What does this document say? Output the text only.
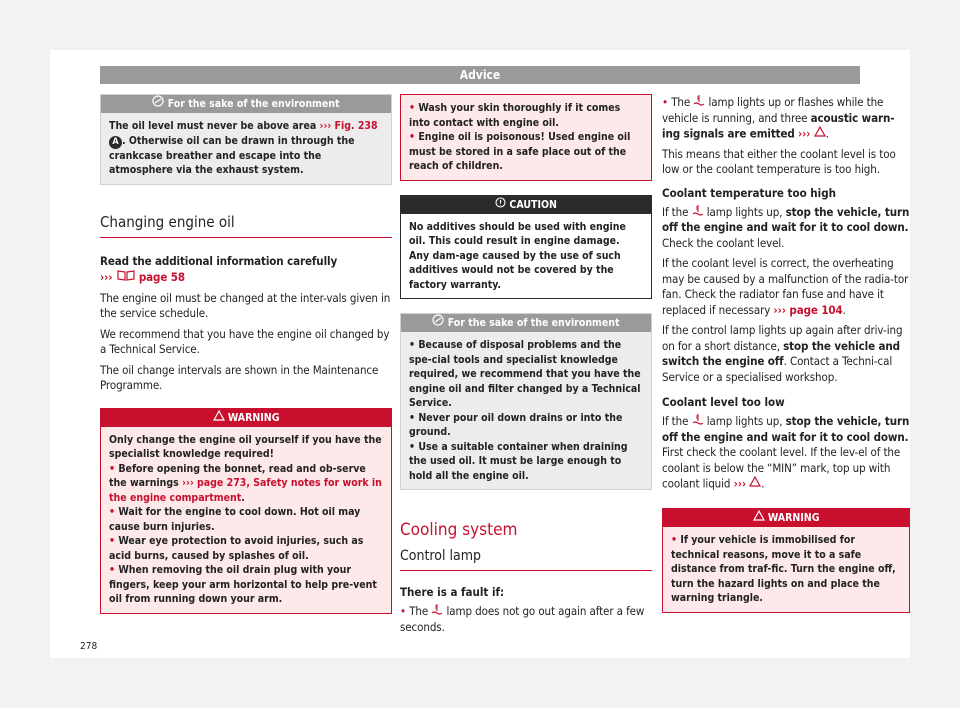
Advice
For the sake of the environment
The oil level must never be above area ››› Fig. 238 A . Otherwise oil can be drawn in through the crankcase breather and escape into the atmosphere via the exhaust system.
Changing engine oil

Read the additional information carefully
››› page 58

The engine oil must be changed at the inter-vals given in the service schedule.

We recommend that you have the engine oil changed by a Technical Service.

The oil change intervals are shown in the Maintenance Programme.

WARNING
Only change the engine oil yourself if you have the specialist knowledge required!
• Before opening the bonnet, read and ob-serve the warnings ››› page 273, Safety notes for work in the engine compartment.
• Wait for the engine to cool down. Hot oil may cause burn injuries.
• Wear eye protection to avoid injuries, such as acid burns, caused by splashes of oil.
• When removing the oil drain plug with your fingers, keep your arm horizontal to help pre-vent oil from running down your arm.
• Wash your skin thoroughly if it comes into contact with engine oil.
• Engine oil is poisonous! Used engine oil must be stored in a safe place out of the reach of children.
CAUTION
No additives should be used with engine oil. This could result in engine damage. Any dam-age caused by the use of such additives would not be covered by the factory warranty.
For the sake of the environment
• Because of disposal problems and the spe-cial tools and specialist knowledge required, we recommend that you have the engine oil and filter changed by a Technical Service.
• Never pour oil down drains or into the ground.
• Use a suitable container when draining the used oil. It must be large enough to hold all the engine oil.
Cooling system
Control lamp
There is a fault if:

• The lamp does not go out again after a few seconds.

• The lamp lights up or flashes while the vehicle is running, and three acoustic warn-ing signals are emitted ››› .

This means that either the coolant level is too low or the coolant temperature is too high.

Coolant temperature too high

If the lamp lights up, stop the vehicle, turn off the engine and wait for it to cool down. Check the coolant level.

If the coolant level is correct, the overheating may be caused by a malfunction of the radia-tor fan. Check the radiator fan fuse and have it replaced if necessary ››› page 104.

If the control lamp lights up again after driv-ing on for a short distance, stop the vehicle and switch the engine off. Contact a Techni-cal Service or a specialised workshop.

Coolant level too low

If the lamp lights up, stop the vehicle, turn off the engine and wait for it to cool down. First check the coolant level. If the lev-el of the coolant is below the “MIN” mark, top up with coolant liquid ››› .

WARNING
• If your vehicle is immobilised for technical reasons, move it to a safe distance from traf-fic. Turn the engine off, turn the hazard lights on and place the warning triangle.
278
